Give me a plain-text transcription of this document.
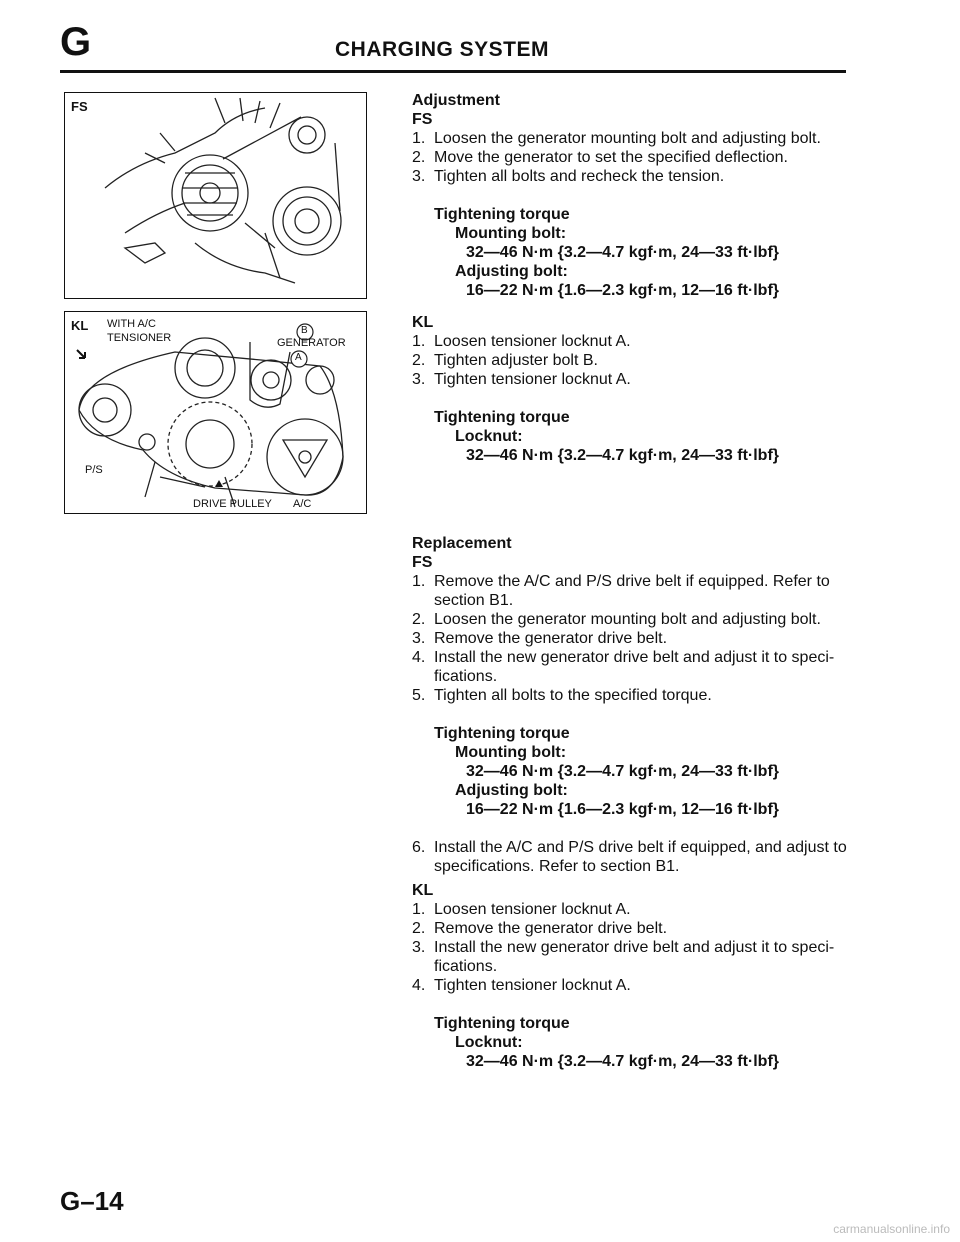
G	CHARGING SYSTEM
FS
KL WITH A/C
TENSIONER	GENERATOR
B
A
P/S
DRIVE PULLEY A/C
Adjustment
FS
1. Loosen the generator mounting bolt and adjusting bolt.
2. Move the generator to set the specified deflection.
3. Tighten all bolts and recheck the tension.
Tightening torque
Mounting bolt:
32—46 N·m {3.2—4.7 kgf·m, 24—33 ft·lbf}
Adjusting bolt:
16—22 N·m {1.6—2.3 kgf·m, 12—16 ft·lbf}
KL
1. Loosen tensioner locknut A.
2. Tighten adjuster bolt B.
3. Tighten tensioner locknut A.
Tightening torque
Locknut:
32—46 N·m {3.2—4.7 kgf·m, 24—33 ft·lbf}
Replacement
FS
1. Remove the A/C and P/S drive belt if equipped. Refer to section B1.
2. Loosen the generator mounting bolt and adjusting bolt.
3. Remove the generator drive belt.
4. Install the new generator drive belt and adjust it to speci- fications.
5. Tighten all bolts to the specified torque.
Tightening torque
Mounting bolt:
32—46 N·m {3.2—4.7 kgf·m, 24—33 ft·lbf}
Adjusting bolt:
16—22 N·m {1.6—2.3 kgf·m, 12—16 ft·lbf}
6. Install the A/C and P/S drive belt if equipped, and adjust to specifications. Refer to section B1.
KL
1. Loosen tensioner locknut A.
2. Remove the generator drive belt.
3. Install the new generator drive belt and adjust it to speci- fications.
4. Tighten tensioner locknut A.
Tightening torque
Locknut:
32—46 N·m {3.2—4.7 kgf·m, 24—33 ft·lbf}
G–14
carmanualsonline.info
